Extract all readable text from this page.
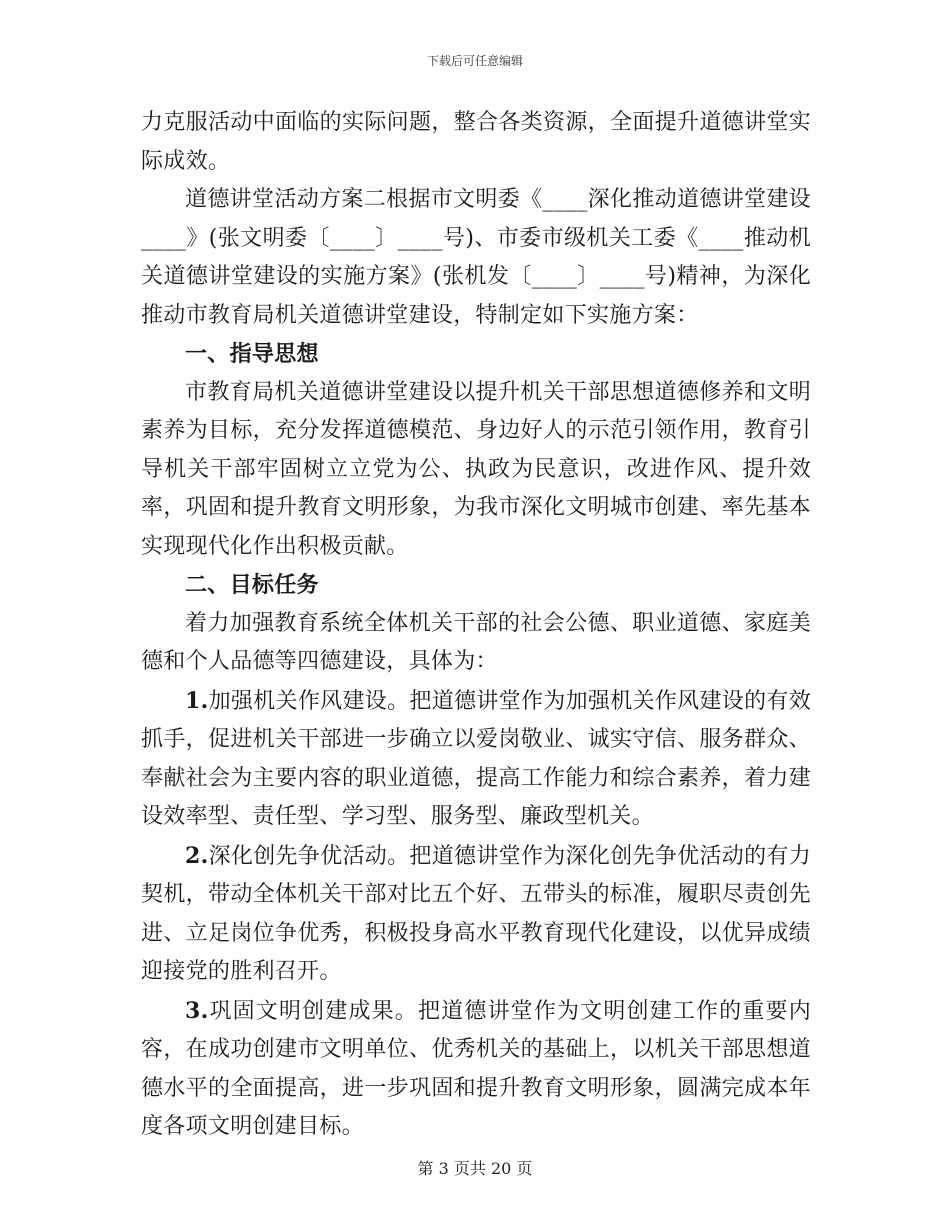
下载后可任意编辑

力克服活动中面临的实际问题，整合各类资源，全面提升道德讲堂实际成效。

道德讲堂活动方案二根据市文明委《____深化推动道德讲堂建设____》(张文明委〔____〕____号)、市委市级机关工委《____推动机关道德讲堂建设的实施方案》(张机发〔____〕____号)精神，为深化推动市教育局机关道德讲堂建设，特制定如下实施方案：

一、指导思想

市教育局机关道德讲堂建设以提升机关干部思想道德修养和文明素养为目标，充分发挥道德模范、身边好人的示范引领作用，教育引导机关干部牢固树立立党为公、执政为民意识，改进作风、提升效率，巩固和提升教育文明形象，为我市深化文明城市创建、率先基本实现现代化作出积极贡献。

二、目标任务

着力加强教育系统全体机关干部的社会公德、职业道德、家庭美德和个人品德等四德建设，具体为：

1.加强机关作风建设。把道德讲堂作为加强机关作风建设的有效抓手，促进机关干部进一步确立以爱岗敬业、诚实守信、服务群众、奉献社会为主要内容的职业道德，提高工作能力和综合素养，着力建设效率型、责任型、学习型、服务型、廉政型机关。

2.深化创先争优活动。把道德讲堂作为深化创先争优活动的有力契机，带动全体机关干部对比五个好、五带头的标准，履职尽责创先进、立足岗位争优秀，积极投身高水平教育现代化建设，以优异成绩迎接党的胜利召开。

3.巩固文明创建成果。把道德讲堂作为文明创建工作的重要内容，在成功创建市文明单位、优秀机关的基础上，以机关干部思想道德水平的全面提高，进一步巩固和提升教育文明形象，圆满完成本年度各项文明创建目标。

第 3 页共 20 页
